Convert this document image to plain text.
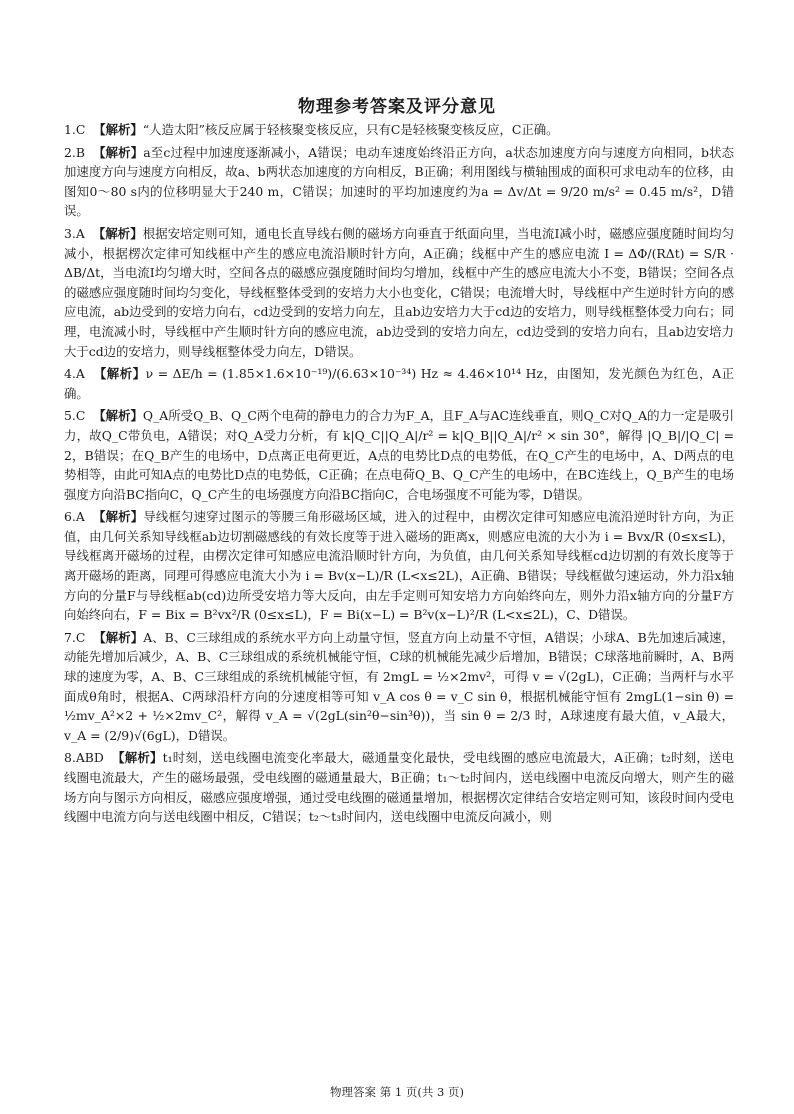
物理参考答案及评分意见

1.C 【解析】“人造太阳”核反应属于轻核聚变核反应，只有C是轻核聚变核反应，C正确。

2.B 【解析】a至c过程中加速度逐渐减小，A错误；电动车速度始终沿正方向，a状态加速度方向与速度方向相同，b状态加速度方向与速度方向相反，故a、b两状态加速度的方向相反，B正确；利用图线与横轴围成的面积可求电动车的位移，由图知0～80 s内的位移明显大于240 m，C错误；加速时的平均加速度约为a = Δv/Δt = 9/20 m/s² = 0.45 m/s²，D错误。

3.A 【解析】根据安培定则可知，通电长直导线右侧的磁场方向垂直于纸面向里，当电流I减小时，磁感应强度随时间均匀减小，根据楞次定律可知线框中产生的感应电流沿顺时针方向，A正确；线框中产生的感应电流 I = ΔΦ/(RΔt) = S/R · ΔB/Δt，当电流I均匀增大时，空间各点的磁感应强度随时间均匀增加，线框中产生的感应电流大小不变，B错误；空间各点的磁感应强度随时间均匀变化，导线框整体受到的安培力大小也变化，C错误；电流增大时，导线框中产生逆时针方向的感应电流，ab边受到的安培力向右，cd边受到的安培力向左，且ab边安培力大于cd边的安培力，则导线框整体受力向右；同理，电流减小时，导线框中产生顺时针方向的感应电流，ab边受到的安培力向左，cd边受到的安培力向右，且ab边安培力大于cd边的安培力，则导线框整体受力向左，D错误。

4.A 【解析】ν = ΔE/h = (1.85×1.6×10⁻¹⁹)/(6.63×10⁻³⁴) Hz ≈ 4.46×10¹⁴ Hz，由图知，发光颜色为红色，A正确。

5.C 【解析】Q_A所受Q_B、Q_C两个电荷的静电力的合力为F_A，且F_A与AC连线垂直，则Q_C对Q_A的力一定是吸引力，故Q_C带负电，A错误；对Q_A受力分析，有 k|Q_C||Q_A|/r² = k|Q_B||Q_A|/r² × sin 30°，解得 |Q_B|/|Q_C| = 2，B错误；在Q_B产生的电场中，D点离正电荷更近，A点的电势比D点的电势低，在Q_C产生的电场中，A、D两点的电势相等，由此可知A点的电势比D点的电势低，C正确；在点电荷Q_B、Q_C产生的电场中，在BC连线上，Q_B产生的电场强度方向沿BC指向C，Q_C产生的电场强度方向沿BC指向C，合电场强度不可能为零，D错误。

6.A 【解析】导线框匀速穿过图示的等腰三角形磁场区域，进入的过程中，由楞次定律可知感应电流沿逆时针方向，为正值，由几何关系知导线框ab边切割磁感线的有效长度等于进入磁场的距离x，则感应电流的大小为 i = Bvx/R (0≤x≤L)，导线框离开磁场的过程，由楞次定律可知感应电流沿顺时针方向，为负值，由几何关系知导线框cd边切割的有效长度等于离开磁场的距离，同理可得感应电流大小为 i = Bv(x−L)/R (L<x≤2L)，A正确、B错误；导线框做匀速运动，外力沿x轴方向的分量F与导线框ab(cd)边所受安培力等大反向，由左手定则可知安培力方向始终向左，则外力沿x轴方向的分量F方向始终向右，F = Bix = B²vx²/R (0≤x≤L)，F = Bi(x−L) = B²v(x−L)²/R (L<x≤2L)，C、D错误。

7.C 【解析】A、B、C三球组成的系统水平方向上动量守恒，竖直方向上动量不守恒，A错误；小球A、B先加速后减速，动能先增加后减少，A、B、C三球组成的系统机械能守恒，C球的机械能先减少后增加，B错误；C球落地前瞬时，A、B两球的速度为零，A、B、C三球组成的系统机械能守恒，有 2mgL = ½×2mv²，可得 v = √(2gL)，C正确；当两杆与水平面成θ角时，根据A、C两球沿杆方向的分速度相等可知 v_A cos θ = v_C sin θ，根据机械能守恒有 2mgL(1−sin θ) = ½mv_A²×2 + ½×2mv_C²，解得 v_A = √(2gL(sin²θ−sin³θ))，当 sin θ = 2/3 时，A球速度有最大值，v_A最大，v_A = (2/9)√(6gL)，D错误。

8.ABD 【解析】t₁时刻，送电线圈电流变化率最大，磁通量变化最快，受电线圈的感应电流最大，A正确；t₂时刻，送电线圈电流最大，产生的磁场最强，受电线圈的磁通量最大，B正确；t₁～t₂时间内，送电线圈中电流反向增大，则产生的磁场方向与图示方向相反，磁感应强度增强，通过受电线圈的磁通量增加，根据楞次定律结合安培定则可知，该段时间内受电线圈中电流方向与送电线圈中相反，C错误；t₂～t₃时间内，送电线圈中电流反向减小，则

物理答案 第 1 页(共 3 页)
